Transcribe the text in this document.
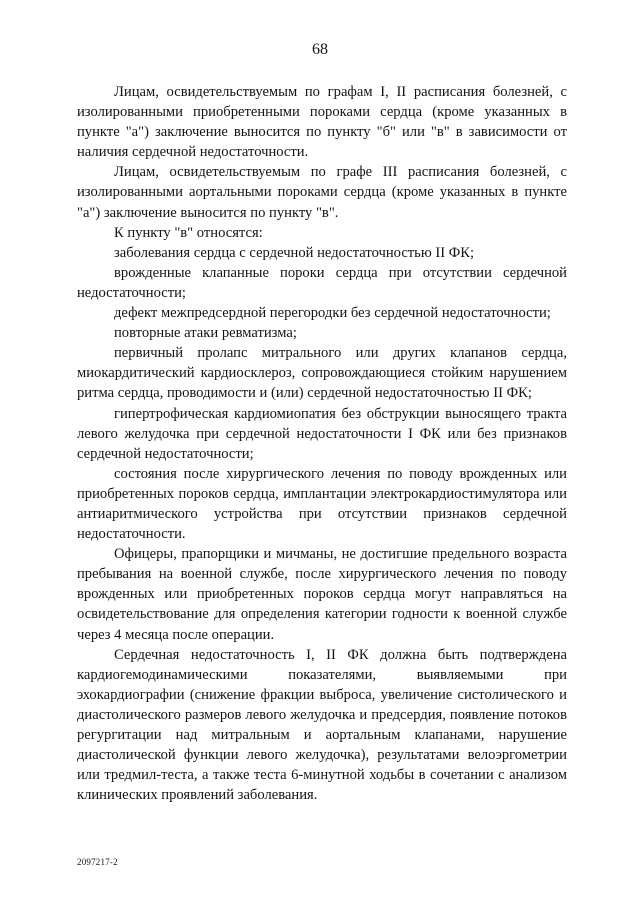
68

Лицам, освидетельствуемым по графам I, II расписания болезней, с изолированными приобретенными пороками сердца (кроме указанных в пункте "а") заключение выносится по пункту "б" или "в" в зависимости от наличия сердечной недостаточности.

Лицам, освидетельствуемым по графе III расписания болезней, с изолированными аортальными пороками сердца (кроме указанных в пункте "а") заключение выносится по пункту "в".

К пункту "в" относятся:

заболевания сердца с сердечной недостаточностью II ФК;

врожденные клапанные пороки сердца при отсутствии сердечной недостаточности;

дефект межпредсердной перегородки без сердечной недостаточности;

повторные атаки ревматизма;

первичный пролапс митрального или других клапанов сердца, миокардитический кардиосклероз, сопровождающиеся стойким нарушением ритма сердца, проводимости и (или) сердечной недостаточностью II ФК;

гипертрофическая кардиомиопатия без обструкции выносящего тракта левого желудочка при сердечной недостаточности I ФК или без признаков сердечной недостаточности;

состояния после хирургического лечения по поводу врожденных или приобретенных пороков сердца, имплантации электрокардиостимулятора или антиаритмического устройства при отсутствии признаков сердечной недостаточности.

Офицеры, прапорщики и мичманы, не достигшие предельного возраста пребывания на военной службе, после хирургического лечения по поводу врожденных или приобретенных пороков сердца могут направляться на освидетельствование для определения категории годности к военной службе через 4 месяца после операции.

Сердечная недостаточность I, II ФК должна быть подтверждена кардиогемодинамическими показателями, выявляемыми при эхокардиографии (снижение фракции выброса, увеличение систолического и диастолического размеров левого желудочка и предсердия, появление потоков регургитации над митральным и аортальным клапанами, нарушение диастолической функции левого желудочка), результатами велоэргометрии или тредмил-теста, а также теста 6-минутной ходьбы в сочетании с анализом клинических проявлений заболевания.

2097217-2
